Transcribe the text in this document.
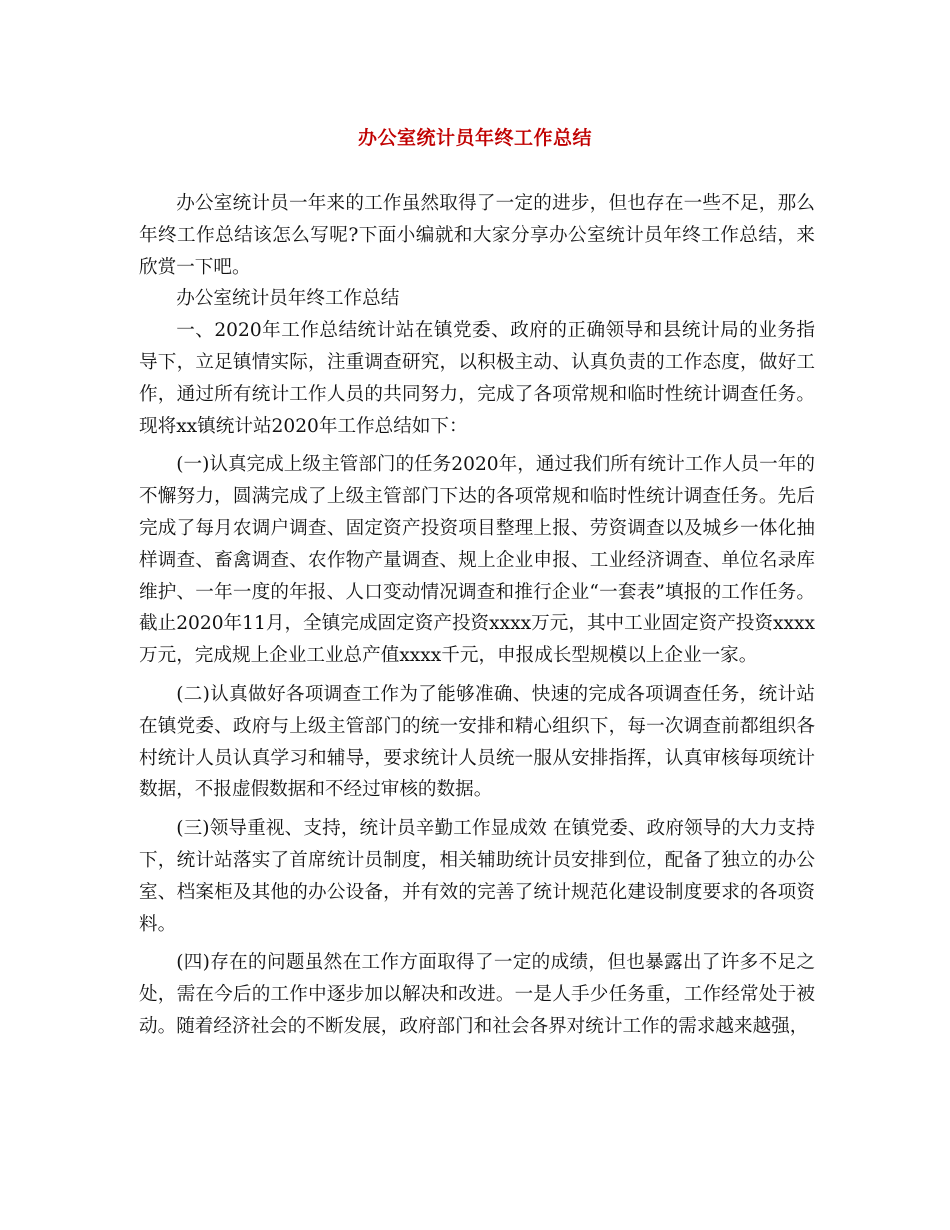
办公室统计员年终工作总结

办公室统计员一年来的工作虽然取得了一定的进步，但也存在一些不足，那么年终工作总结该怎么写呢?下面小编就和大家分享办公室统计员年终工作总结，来欣赏一下吧。

办公室统计员年终工作总结

一、2020年工作总结统计站在镇党委、政府的正确领导和县统计局的业务指导下，立足镇情实际，注重调查研究，以积极主动、认真负责的工作态度，做好工作，通过所有统计工作人员的共同努力，完成了各项常规和临时性统计调查任务。现将xx镇统计站2020年工作总结如下：

(一)认真完成上级主管部门的任务2020年，通过我们所有统计工作人员一年的不懈努力，圆满完成了上级主管部门下达的各项常规和临时性统计调查任务。先后完成了每月农调户调查、固定资产投资项目整理上报、劳资调查以及城乡一体化抽样调查、畜禽调查、农作物产量调查、规上企业申报、工业经济调查、单位名录库维护、一年一度的年报、人口变动情况调查和推行企业“一套表”填报的工作任务。截止2020年11月，全镇完成固定资产投资xxxx万元，其中工业固定资产投资xxxx万元，完成规上企业工业总产值xxxx千元，申报成长型规模以上企业一家。

(二)认真做好各项调查工作为了能够准确、快速的完成各项调查任务，统计站在镇党委、政府与上级主管部门的统一安排和精心组织下，每一次调查前都组织各村统计人员认真学习和辅导，要求统计人员统一服从安排指挥，认真审核每项统计数据，不报虚假数据和不经过审核的数据。

(三)领导重视、支持，统计员辛勤工作显成效 在镇党委、政府领导的大力支持下，统计站落实了首席统计员制度，相关辅助统计员安排到位，配备了独立的办公室、档案柜及其他的办公设备，并有效的完善了统计规范化建设制度要求的各项资料。

(四)存在的问题虽然在工作方面取得了一定的成绩，但也暴露出了许多不足之处，需在今后的工作中逐步加以解决和改进。一是人手少任务重，工作经常处于被动。随着经济社会的不断发展，政府部门和社会各界对统计工作的需求越来越强，
